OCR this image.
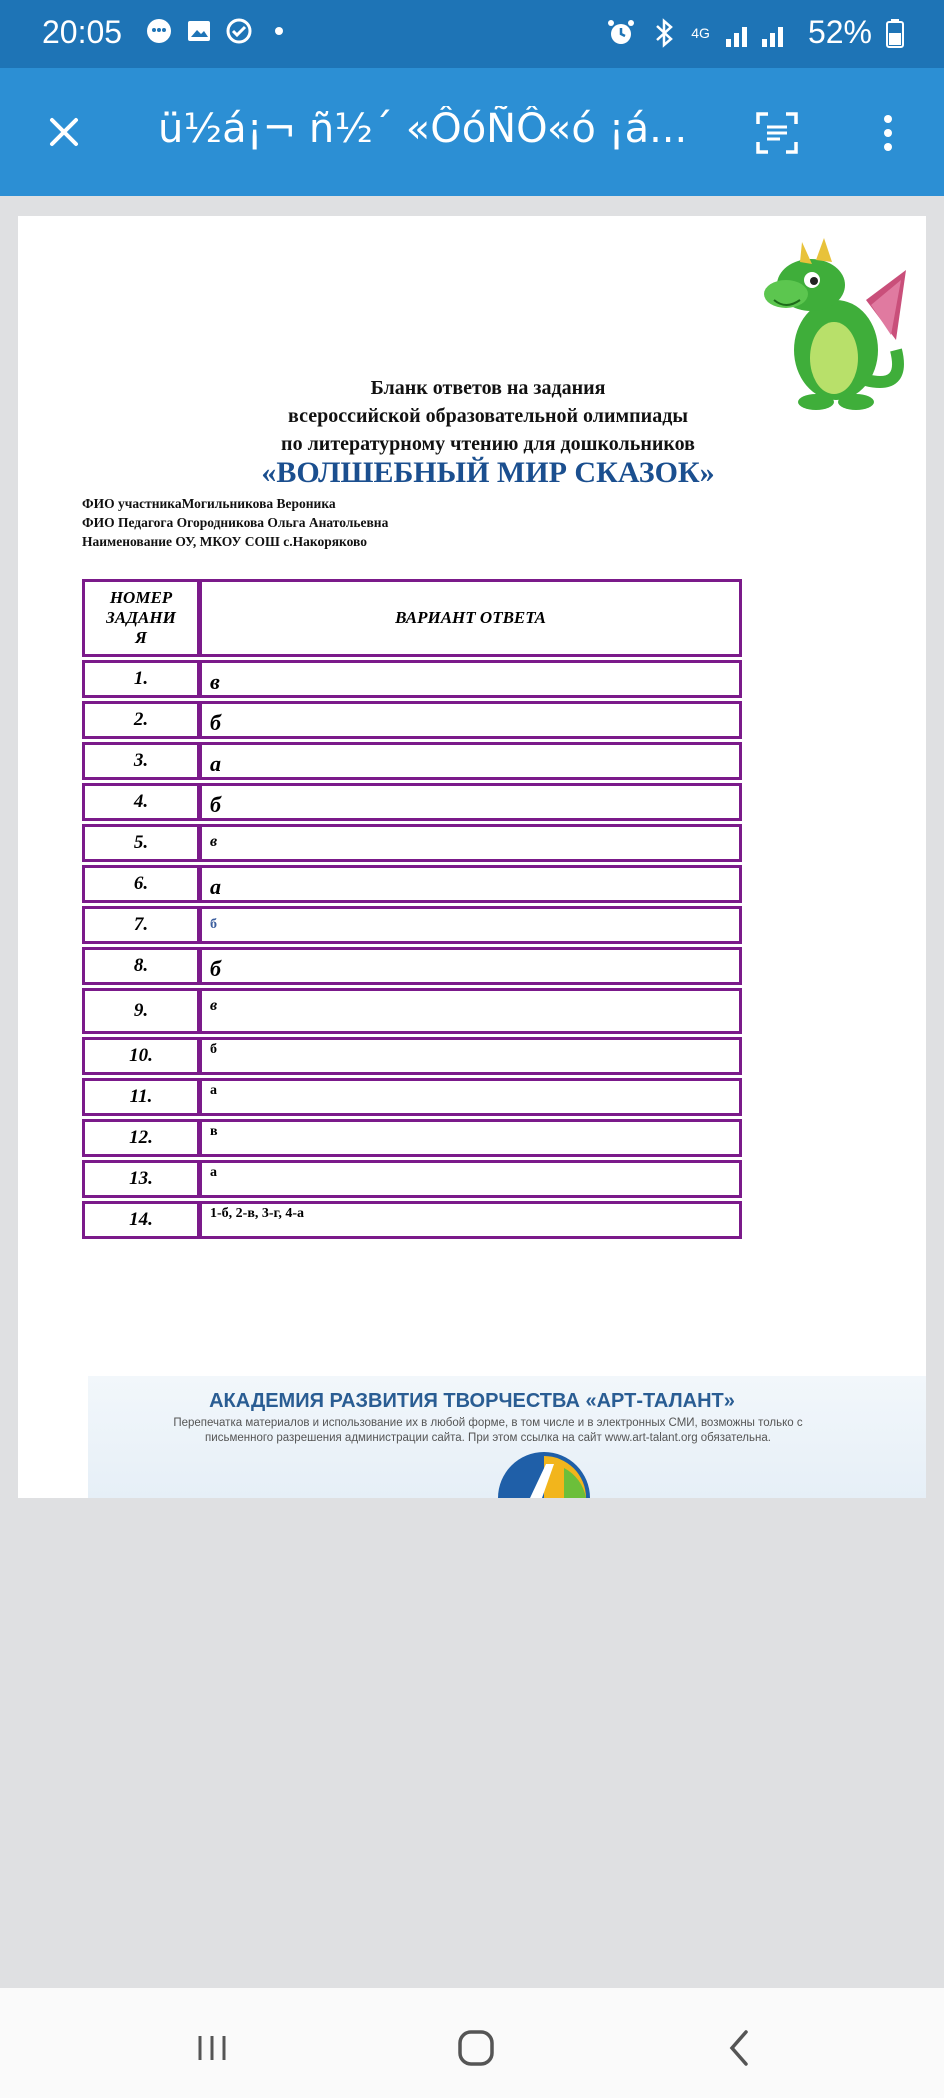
20:05	4G	52%
ü½á¡¬ ñ½´ «ÔóÑÔ«ó ¡á...
Бланк ответов на задания
всероссийской образовательной олимпиады
по литературному чтению для дошкольников
«ВОЛШЕБНЫЙ МИР СКАЗОК»
ФИО участникаМогильникова Вероника
ФИО Педагога Огородникова Ольга Анатольевна
Наименование ОУ, МКОУ СОШ с.Накоряково
НОМЕР
ЗАДАНИ
Я	ВАРИАНТ ОТВЕТА
1.	в
2.	б
3.	а
4.	б
5.	в
6.	а
7.	б
8.	б
9.	в
10.	б
11.	а
12.	в
13.	а
14.	1-б, 2-в, 3-г, 4-а
АКАДЕМИЯ РАЗВИТИЯ ТВОРЧЕСТВА «АРТ-ТАЛАНТ»
Перепечатка материалов и использование их в любой форме, в том числе и в электронных СМИ, возможны только с
письменного разрешения администрации сайта. При этом ссылка на сайт www.art-talant.org обязательна.
